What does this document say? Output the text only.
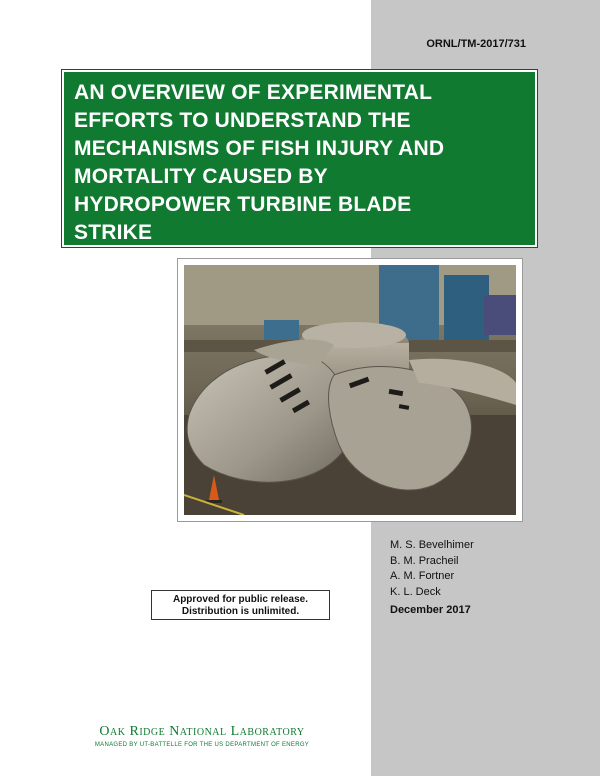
ORNL/TM-2017/731

AN OVERVIEW OF EXPERIMENTAL
EFFORTS TO UNDERSTAND THE
MECHANISMS OF FISH INJURY AND
MORTALITY CAUSED BY
HYDROPOWER TURBINE BLADE
STRIKE

M. S. Bevelhimer
B. M. Pracheil
A. M. Fortner
K. L. Deck
December 2017
Approved for public release.
Distribution is unlimited.
Oak Ridge National Laboratory
MANAGED BY UT-BATTELLE FOR THE US DEPARTMENT OF ENERGY
